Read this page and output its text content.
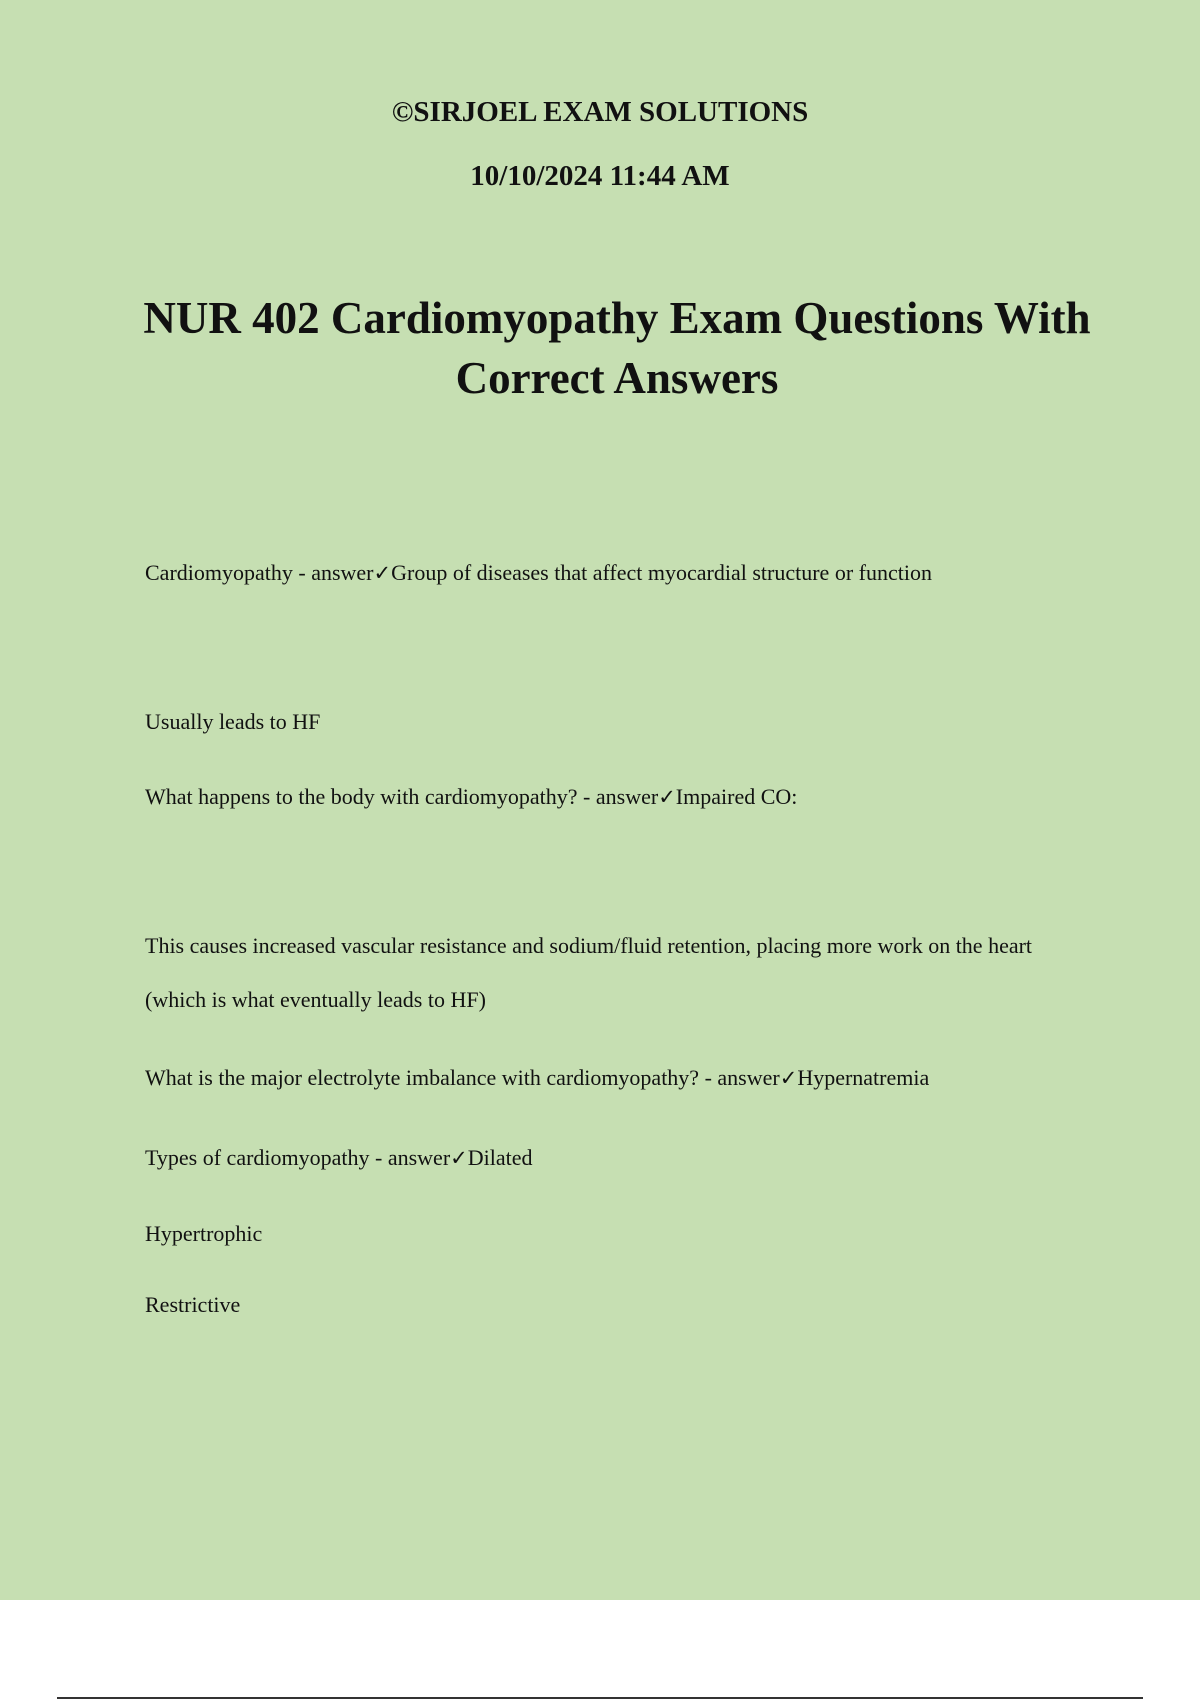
©SIRJOEL EXAM SOLUTIONS

10/10/2024 11:44 AM

NUR 402 Cardiomyopathy Exam Questions With Correct Answers

Cardiomyopathy - answer✓Group of diseases that affect myocardial structure or function

Usually leads to HF

What happens to the body with cardiomyopathy? - answer✓Impaired CO:

This causes increased vascular resistance and sodium/fluid retention, placing more work on the heart (which is what eventually leads to HF)

What is the major electrolyte imbalance with cardiomyopathy? - answer✓Hypernatremia

Types of cardiomyopathy - answer✓Dilated

Hypertrophic

Restrictive
